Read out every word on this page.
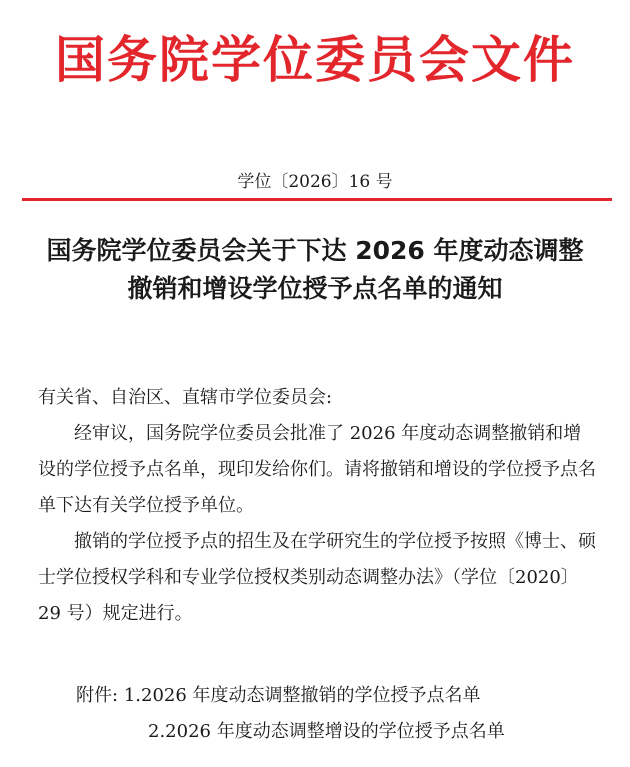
国务院学位委员会文件
学位〔2026〕16 号
国务院学位委员会关于下达 2026 年度动态调整
撤销和增设学位授予点名单的通知
有关省、自治区、直辖市学位委员会:

经审议，国务院学位委员会批准了 2026 年度动态调整撤销和增设的学位授予点名单，现印发给你们。请将撤销和增设的学位授予点名单下达有关学位授予单位。

撤销的学位授予点的招生及在学研究生的学位授予按照《博士、硕士学位授权学科和专业学位授权类别动态调整办法》（学位〔2020〕29 号）规定进行。

附件: 1.2026 年度动态调整撤销的学位授予点名单
2.2026 年度动态调整增设的学位授予点名单
